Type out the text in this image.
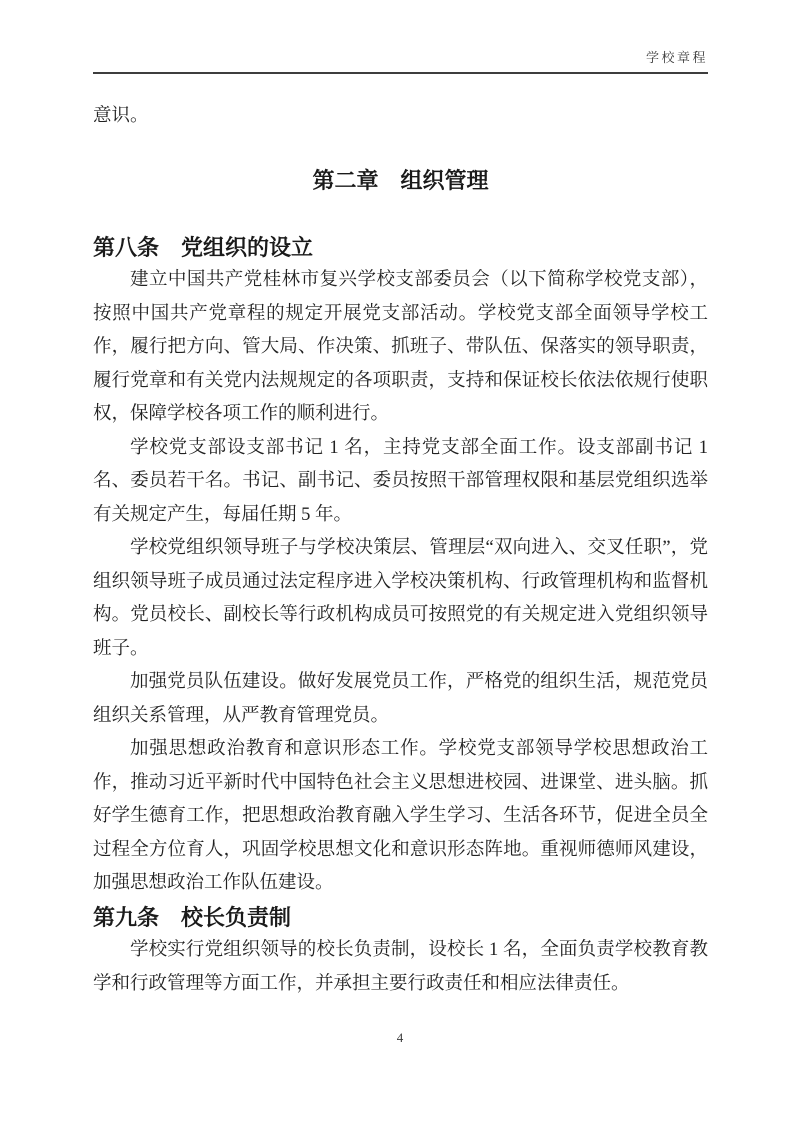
学校章程

意识。

第二章　组织管理
第八条　党组织的设立

建立中国共产党桂林市复兴学校支部委员会（以下简称学校党支部），按照中国共产党章程的规定开展党支部活动。学校党支部全面领导学校工作，履行把方向、管大局、作决策、抓班子、带队伍、保落实的领导职责，履行党章和有关党内法规规定的各项职责，支持和保证校长依法依规行使职权，保障学校各项工作的顺利进行。

学校党支部设支部书记 1 名，主持党支部全面工作。设支部副书记 1 名、委员若干名。书记、副书记、委员按照干部管理权限和基层党组织选举有关规定产生，每届任期 5 年。

学校党组织领导班子与学校决策层、管理层“双向进入、交叉任职”，党组织领导班子成员通过法定程序进入学校决策机构、行政管理机构和监督机构。党员校长、副校长等行政机构成员可按照党的有关规定进入党组织领导班子。

加强党员队伍建设。做好发展党员工作，严格党的组织生活，规范党员组织关系管理，从严教育管理党员。

加强思想政治教育和意识形态工作。学校党支部领导学校思想政治工作，推动习近平新时代中国特色社会主义思想进校园、进课堂、进头脑。抓好学生德育工作，把思想政治教育融入学生学习、生活各环节，促进全员全过程全方位育人，巩固学校思想文化和意识形态阵地。重视师德师风建设，加强思想政治工作队伍建设。

第九条　校长负责制

学校实行党组织领导的校长负责制，设校长 1 名，全面负责学校教育教学和行政管理等方面工作，并承担主要行政责任和相应法律责任。

4
